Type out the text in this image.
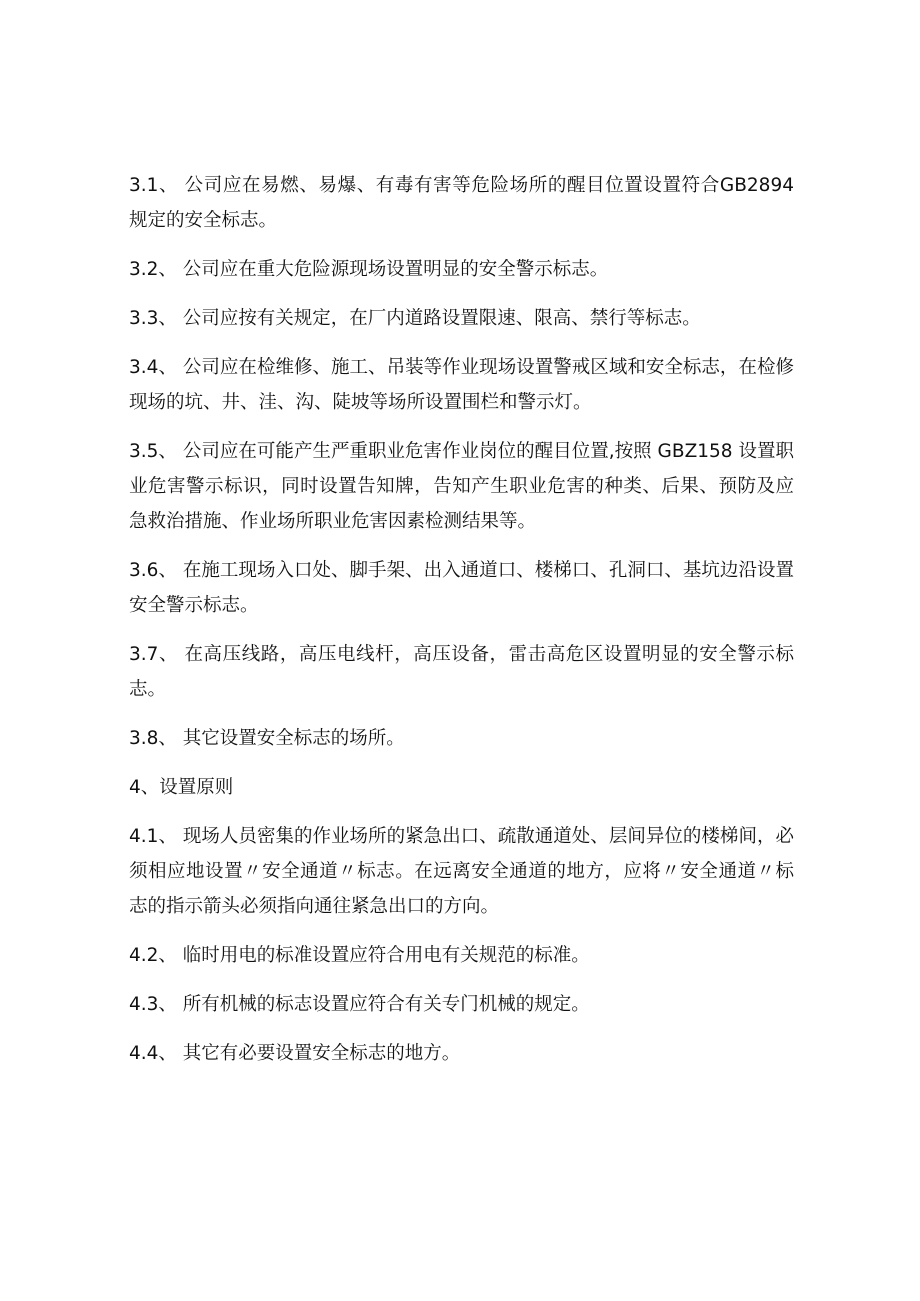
3.1、 公司应在易燃、易爆、有毒有害等危险场所的醒目位置设置符合GB2894 规定的安全标志。

3.2、 公司应在重大危险源现场设置明显的安全警示标志。

3.3、 公司应按有关规定，在厂内道路设置限速、限高、禁行等标志。

3.4、 公司应在检维修、施工、吊装等作业现场设置警戒区域和安全标志，在检修现场的坑、井、洼、沟、陡坡等场所设置围栏和警示灯。

3.5、 公司应在可能产生严重职业危害作业岗位的醒目位置,按照 GBZ158 设置职业危害警示标识，同时设置告知牌，告知产生职业危害的种类、后果、预防及应急救治措施、作业场所职业危害因素检测结果等。

3.6、 在施工现场入口处、脚手架、出入通道口、楼梯口、孔洞口、基坑边沿设置安全警示标志。

3.7、 在高压线路，高压电线杆，高压设备，雷击高危区设置明显的安全警示标志。

3.8、 其它设置安全标志的场所。

4、设置原则

4.1、 现场人员密集的作业场所的紧急出口、疏散通道处、层间异位的楼梯间，必须相应地设置〃安全通道〃标志。在远离安全通道的地方，应将〃安全通道〃标志的指示箭头必须指向通往紧急出口的方向。

4.2、 临时用电的标准设置应符合用电有关规范的标准。

4.3、 所有机械的标志设置应符合有关专门机械的规定。

4.4、 其它有必要设置安全标志的地方。
